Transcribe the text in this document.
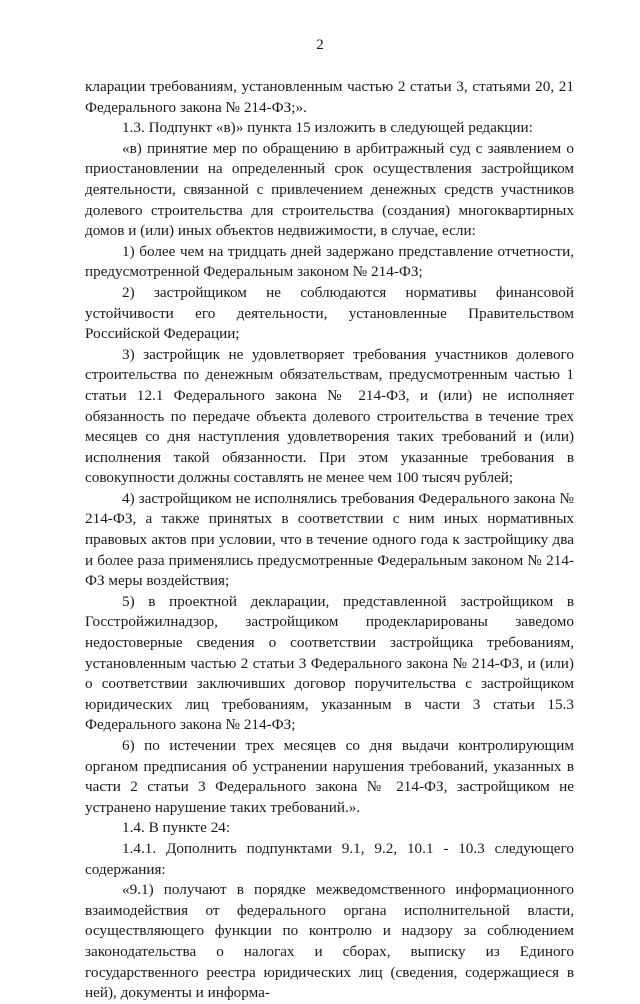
2

кларации требованиям, установленным частью 2 статьи 3, статьями 20, 21 Федерального закона № 214-ФЗ;».

1.3. Подпункт «в)» пункта 15 изложить в следующей редакции:

«в) принятие мер по обращению в арбитражный суд с заявлением о приостановлении на определенный срок осуществления застройщиком деятельности, связанной с привлечением денежных средств участников долевого строительства для строительства (создания) многоквартирных домов и (или) иных объектов недвижимости, в случае, если:

1) более чем на тридцать дней задержано представление отчетности, предусмотренной Федеральным законом № 214-ФЗ;

2) застройщиком не соблюдаются нормативы финансовой устойчивости его деятельности, установленные Правительством Российской Федерации;

3) застройщик не удовлетворяет требования участников долевого строительства по денежным обязательствам, предусмотренным частью 1 статьи 12.1 Федерального закона № 214-ФЗ, и (или) не исполняет обязанность по передаче объекта долевого строительства в течение трех месяцев со дня наступления удовлетворения таких требований и (или) исполнения такой обязанности. При этом указанные требования в совокупности должны составлять не менее чем 100 тысяч рублей;

4) застройщиком не исполнялись требования Федерального закона № 214-ФЗ, а также принятых в соответствии с ним иных нормативных правовых актов при условии, что в течение одного года к застройщику два и более раза применялись предусмотренные Федеральным законом № 214-ФЗ меры воздействия;

5) в проектной декларации, представленной застройщиком в Госстройжилнадзор, застройщиком продекларированы заведомо недостоверные сведения о соответствии застройщика требованиям, установленным частью 2 статьи 3 Федерального закона № 214-ФЗ, и (или) о соответствии заключивших договор поручительства с застройщиком юридических лиц требованиям, указанным в части 3 статьи 15.3 Федерального закона № 214-ФЗ;

6) по истечении трех месяцев со дня выдачи контролирующим органом предписания об устранении нарушения требований, указанных в части 2 статьи 3 Федерального закона № 214-ФЗ, застройщиком не устранено нарушение таких требований.».

1.4. В пункте 24:

1.4.1. Дополнить подпунктами 9.1, 9.2, 10.1 - 10.3 следующего содержания:

«9.1) получают в порядке межведомственного информационного взаимодействия от федерального органа исполнительной власти, осуществляющего функции по контролю и надзору за соблюдением законодательства о налогах и сборах, выписку из Единого государственного реестра юридических лиц (сведения, содержащиеся в ней), документы и информа-
